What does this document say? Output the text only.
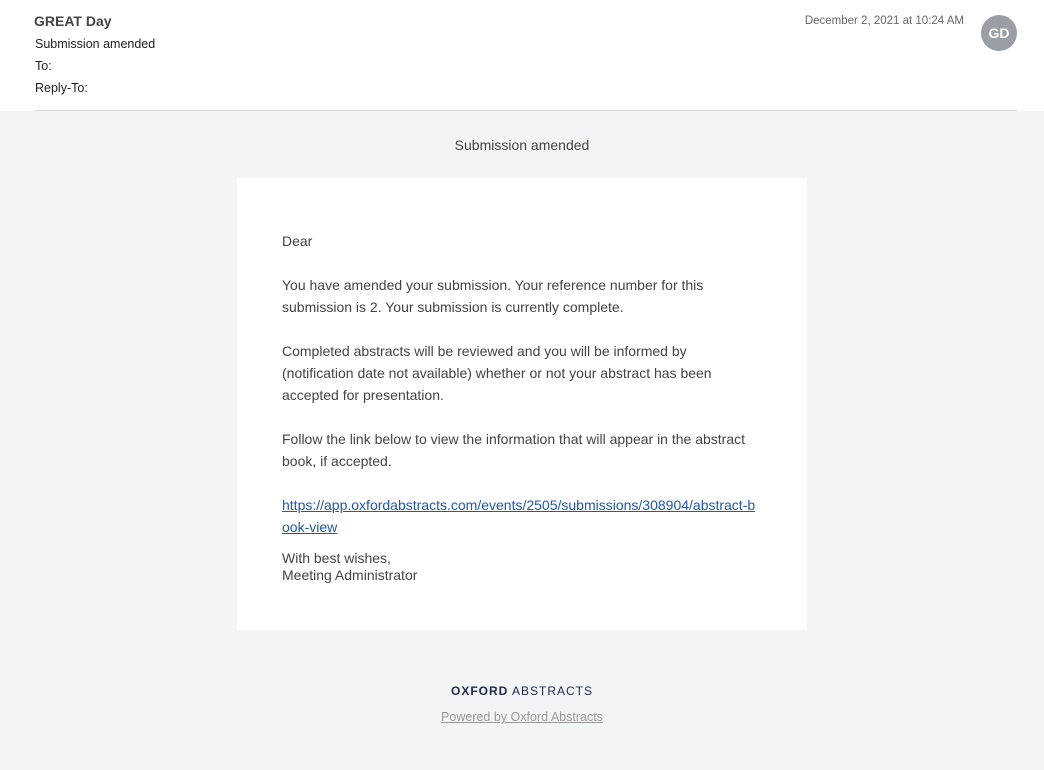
GREAT Day
Submission amended
To:
Reply-To:
December 2, 2021 at 10:24 AM
GD
Submission amended

Dear

You have amended your submission. Your reference number for this submission is 2. Your submission is currently complete.

Completed abstracts will be reviewed and you will be informed by (notification date not available) whether or not your abstract has been accepted for presentation.

Follow the link below to view the information that will appear in the abstract book, if accepted.

https://app.oxfordabstracts.com/events/2505/submissions/308904/abstract-book-view
With best wishes,
Meeting Administrator
OXFORD ABSTRACTS
Powered by Oxford Abstracts
